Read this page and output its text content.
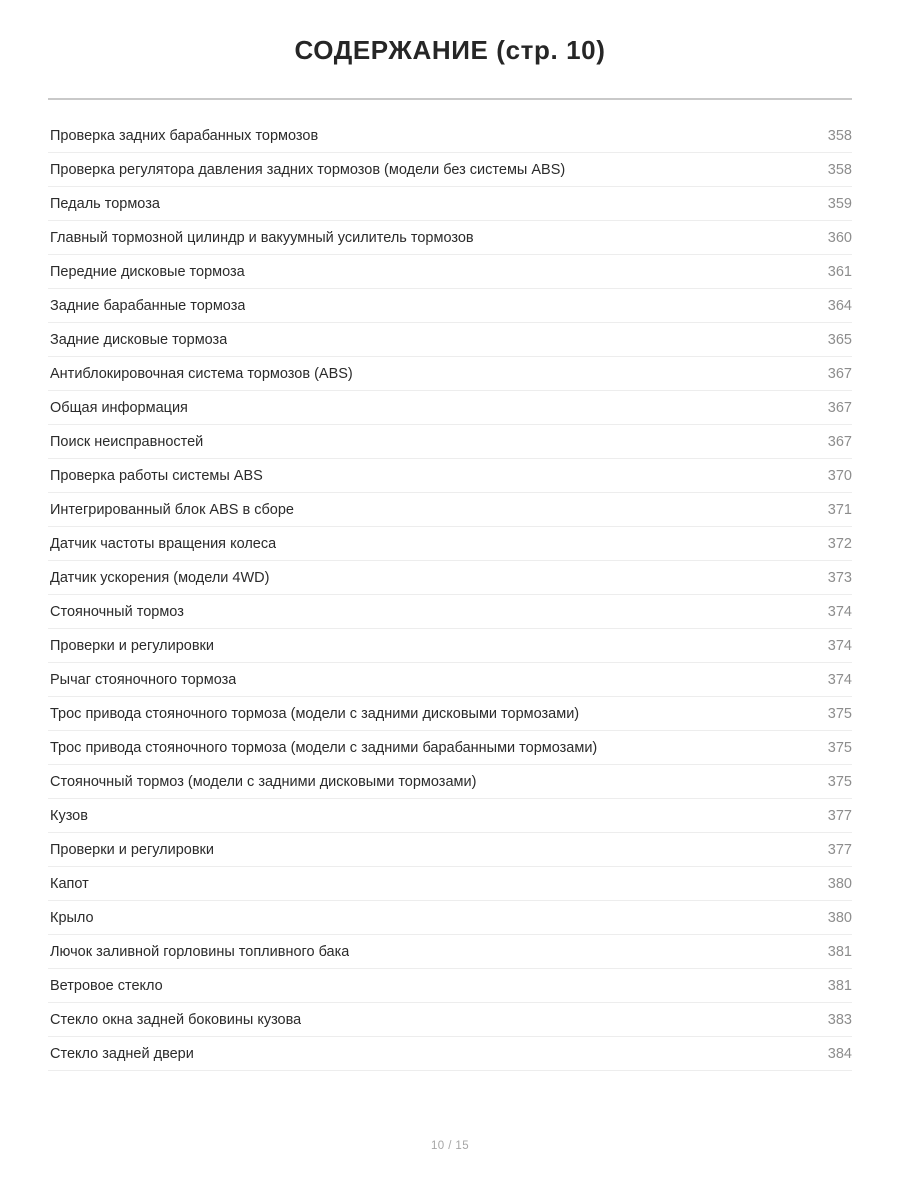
СОДЕРЖАНИЕ (стр. 10)
Проверка задних барабанных тормозов	358
Проверка регулятора давления задних тормозов (модели без системы ABS)	358
Педаль тормоза	359
Главный тормозной цилиндр и вакуумный усилитель тормозов	360
Передние дисковые тормоза	361
Задние барабанные тормоза	364
Задние дисковые тормоза	365
Антиблокировочная система тормозов (ABS)	367
Общая информация	367
Поиск неисправностей	367
Проверка работы системы ABS	370
Интегрированный блок ABS в сборе	371
Датчик частоты вращения колеса	372
Датчик ускорения (модели 4WD)	373
Стояночный тормоз	374
Проверки и регулировки	374
Рычаг стояночного тормоза	374
Трос привода стояночного тормоза (модели с задними дисковыми тормозами)	375
Трос привода стояночного тормоза (модели с задними барабанными тормозами)	375
Стояночный тормоз (модели с задними дисковыми тормозами)	375
Кузов	377
Проверки и регулировки	377
Капот	380
Крыло	380
Лючок заливной горловины топливного бака	381
Ветровое стекло	381
Стекло окна задней боковины кузова	383
Стекло задней двери	384
10 / 15
